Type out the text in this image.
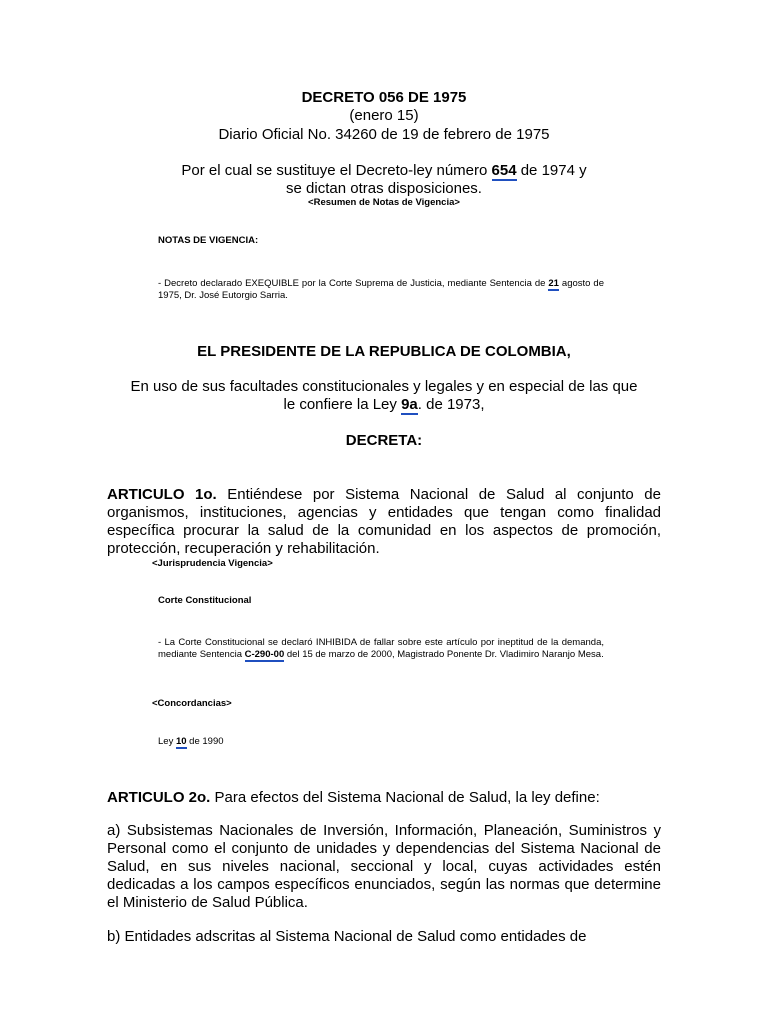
DECRETO 056 DE 1975
(enero 15)
Diario Oficial No. 34260 de 19 de febrero de 1975
Por el cual se sustituye el Decreto-ley número 654 de 1974 y
se dictan otras disposiciones.
<Resumen de Notas de Vigencia>
NOTAS DE VIGENCIA:
- Decreto declarado EXEQUIBLE por la Corte Suprema de Justicia, mediante Sentencia de 21 agosto de 1975, Dr. José Eutorgio Sarria.
EL PRESIDENTE DE LA REPUBLICA DE COLOMBIA,
En uso de sus facultades constitucionales y legales y en especial de las que
le confiere la Ley 9a. de 1973,
DECRETA:
ARTICULO 1o. Entiéndese por Sistema Nacional de Salud al conjunto de organismos, instituciones, agencias y entidades que tengan como finalidad específica procurar la salud de la comunidad en los aspectos de promoción, protección, recuperación y rehabilitación.
<Jurisprudencia Vigencia>
Corte Constitucional
- La Corte Constitucional se declaró INHIBIDA de fallar sobre este artículo por ineptitud de la demanda, mediante Sentencia C-290-00 del 15 de marzo de 2000, Magistrado Ponente Dr. Vladimiro Naranjo Mesa.
<Concordancias>
Ley 10 de 1990
ARTICULO 2o. Para efectos del Sistema Nacional de Salud, la ley define:
a) Subsistemas Nacionales de Inversión, Información, Planeación, Suministros y Personal como el conjunto de unidades y dependencias del Sistema Nacional de Salud, en sus niveles nacional, seccional y local, cuyas actividades estén dedicadas a los campos específicos enunciados, según las normas que determine el Ministerio de Salud Pública.
b) Entidades adscritas al Sistema Nacional de Salud como entidades de
